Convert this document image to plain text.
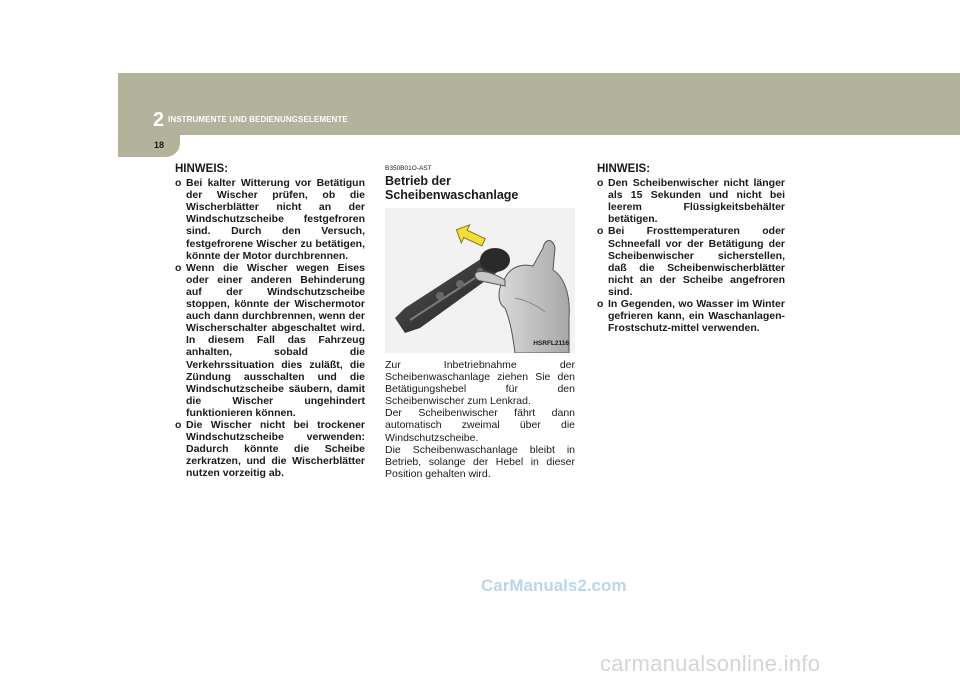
2 INSTRUMENTE UND BEDIENUNGSELEMENTE
18
HINWEIS:
o Bei kalter Witterung vor Betätigun der Wischer prüfen, ob die Wischerblätter nicht an der Windschutzscheibe festgefroren sind. Durch den Versuch, festgefrorene Wischer zu betätigen, könnte der Motor durchbrennen.
o Wenn die Wischer wegen Eises oder einer anderen Behinderung auf der Windschutzscheibe stoppen, könnte der Wischermotor auch dann durchbrennen, wenn der Wischerschalter abgeschaltet wird. In diesem Fall das Fahrzeug anhalten, sobald die Verkehrssituation dies zuläßt, die Zündung ausschalten und die Windschutzscheibe säubern, damit die Wischer ungehindert funktionieren können.
o Die Wischer nicht bei trockener Windschutzscheibe verwenden: Dadurch könnte die Scheibe zerkratzen, und die Wischerblätter nutzen vorzeitig ab.
B350B01O-AST
Betrieb der
Scheibenwaschanlage
HSRFL2116
Zur Inbetriebnahme der Scheibenwaschanlage ziehen Sie den Betätigungshebel für den Scheibenwischer zum Lenkrad.
Der Scheibenwischer fährt dann automatisch zweimal über die Windschutzscheibe.
Die Scheibenwaschanlage bleibt in Betrieb, solange der Hebel in dieser Position gehalten wird.
HINWEIS:
o Den Scheibenwischer nicht länger als 15 Sekunden und nicht bei leerem Flüssigkeitsbehälter betätigen.
o Bei Frosttemperaturen oder Schneefall vor der Betätigung der Scheibenwischer sicherstellen, daß die Scheibenwischerblätter nicht an der Scheibe angefroren sind.
o In Gegenden, wo Wasser im Winter gefrieren kann, ein Waschanlagen-Frostschutz-mittel verwenden.
CarManuals2.com
carmanualsonline.info
